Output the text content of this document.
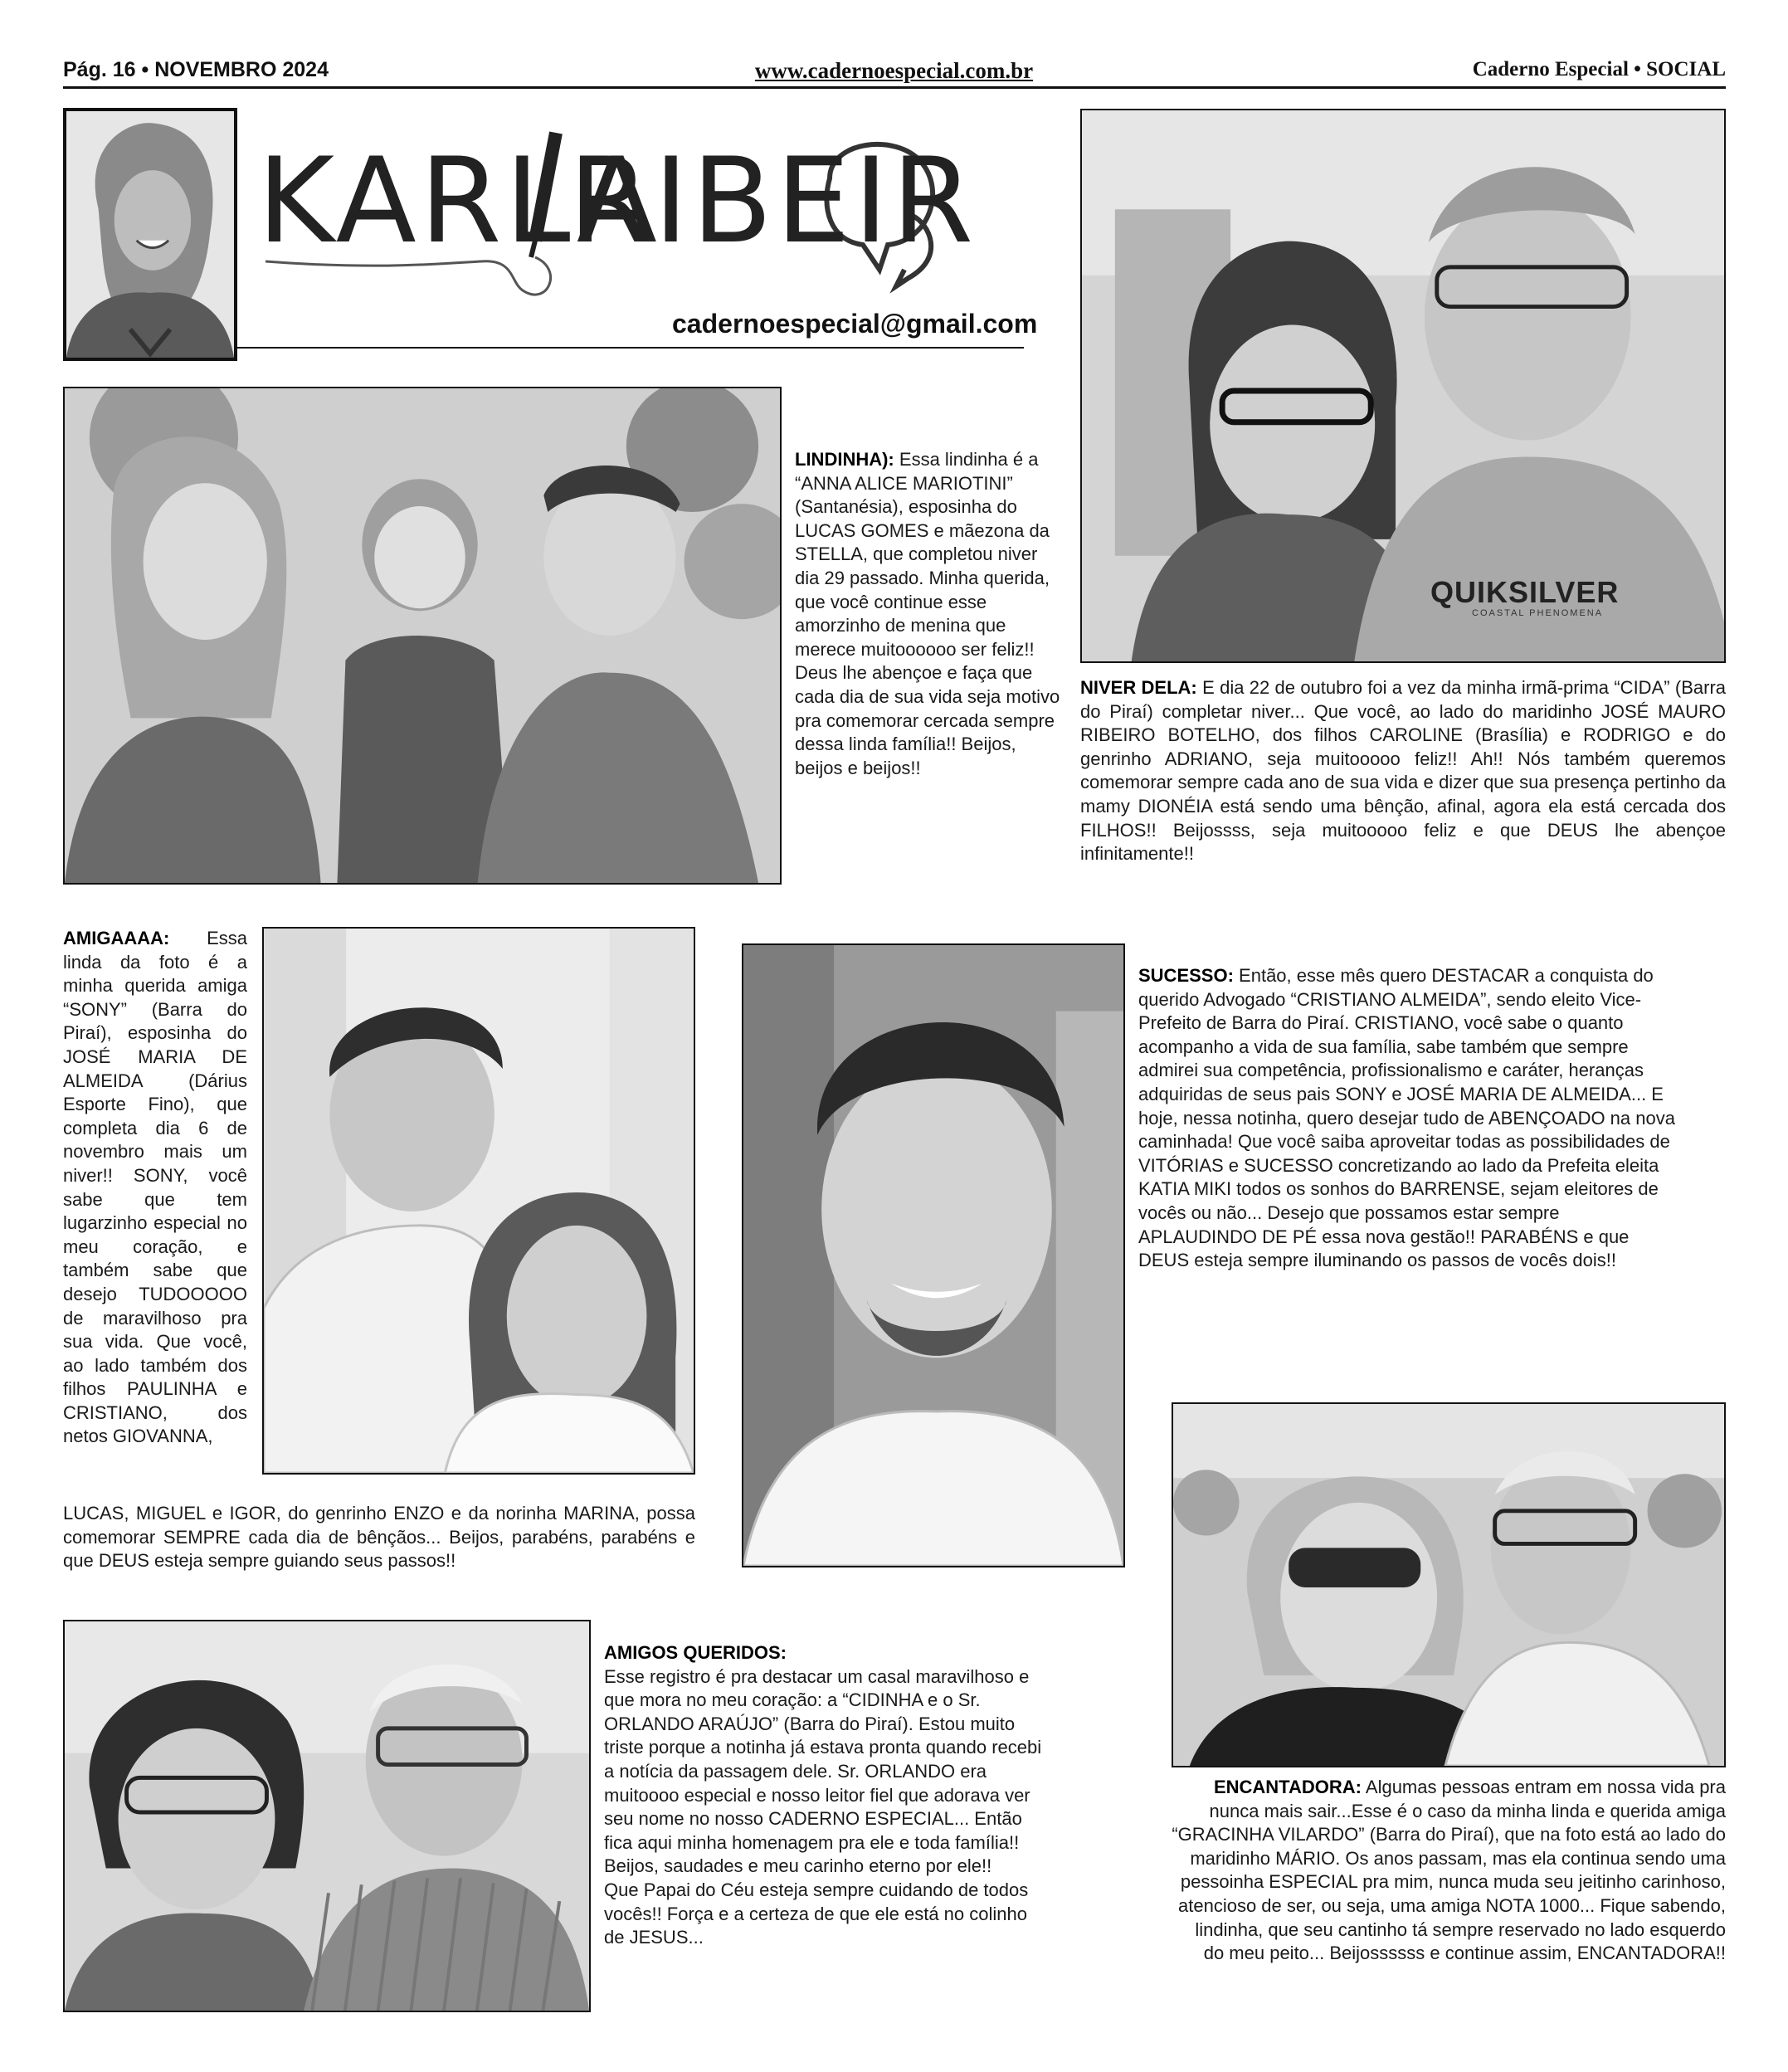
Pág. 16 • NOVEMBRO 2024	www.cadernoespecial.com.br	Caderno Especial • SOCIAL
KARLA
RIBEIR
cadernoespecial@gmail.com
LINDINHA): Essa lindinha é a “ANNA ALICE MARIOTINI” (Santanésia), esposinha do LUCAS GOMES e mãezona da STELLA, que completou niver dia 29 passado. Minha querida, que você continue esse amorzinho de menina que merece muitoooooo ser feliz!! Deus lhe abençoe e faça que cada dia de sua vida seja motivo pra comemorar cercada sempre dessa linda família!! Beijos, beijos e beijos!!
QUIKSILVER
COASTAL PHENOMENA
NIVER DELA: E dia 22 de outubro foi a vez da minha irmã-prima “CIDA” (Barra do Piraí) completar niver... Que você, ao lado do maridinho JOSÉ MAURO RIBEIRO BOTELHO, dos filhos CAROLINE (Brasília) e RODRIGO e do genrinho ADRIANO, seja muitooooo feliz!! Ah!! Nós também queremos comemorar sempre cada ano de sua vida e dizer que sua presença pertinho da mamy DIONÉIA está sendo uma bênção, afinal, agora ela está cercada dos FILHOS!! Beijossss, seja muitooooo feliz e que DEUS lhe abençoe infinitamente!!
AMIGAAAA: Essa linda da foto é a minha querida amiga “SONY” (Barra do Piraí), esposinha do JOSÉ MARIA DE ALMEIDA (Dárius Esporte Fino), que completa dia 6 de novembro mais um niver!! SONY, você sabe que tem lugarzinho especial no meu coração, e também sabe que desejo TUDOOOOO de maravilhoso pra sua vida. Que você, ao lado também dos filhos PAULINHA e CRISTIANO, dos netos GIOVANNA,
LUCAS, MIGUEL e IGOR, do genrinho ENZO e da norinha MARINA, possa comemorar SEMPRE cada dia de bênçãos... Beijos, parabéns, parabéns e que DEUS esteja sempre guiando seus passos!!
SUCESSO: Então, esse mês quero DESTACAR a conquista do querido Advogado “CRISTIANO ALMEIDA”, sendo eleito Vice-Prefeito de Barra do Piraí. CRISTIANO, você sabe o quanto acompanho a vida de sua família, sabe também que sempre admirei sua competência, profissionalismo e caráter, heranças adquiridas de seus pais SONY e JOSÉ MARIA DE ALMEIDA... E hoje, nessa notinha, quero desejar tudo de ABENÇOADO na nova caminhada! Que você saiba aproveitar todas as possibilidades de VITÓRIAS e SUCESSO concretizando ao lado da Prefeita eleita KATIA MIKI todos os sonhos do BARRENSE, sejam eleitores de vocês ou não... Desejo que possamos estar sempre APLAUDINDO DE PÉ essa nova gestão!! PARABÉNS e que DEUS esteja sempre iluminando os passos de vocês dois!!
ENCANTADORA: Algumas pessoas entram em nossa vida pra nunca mais sair...Esse é o caso da minha linda e querida amiga “GRACINHA VILARDO” (Barra do Piraí), que na foto está ao lado do maridinho MÁRIO. Os anos passam, mas ela continua sendo uma pessoinha ESPECIAL pra mim, nunca muda seu jeitinho carinhoso, atencioso de ser, ou seja, uma amiga NOTA 1000... Fique sabendo, lindinha, que seu cantinho tá sempre reservado no lado esquerdo do meu peito... Beijossssss e continue assim, ENCANTADORA!!

AMIGOS QUERIDOS:

Esse registro é pra destacar um casal maravilhoso e que mora no meu coração: a “CIDINHA e o Sr. ORLANDO ARAÚJO” (Barra do Piraí). Estou muito triste porque a notinha já estava pronta quando recebi a notícia da passagem dele. Sr. ORLANDO era muitoooo especial e nosso leitor fiel que adorava ver seu nome no nosso CADERNO ESPECIAL... Então fica aqui minha homenagem pra ele e toda família!!

Beijos, saudades e meu carinho eterno por ele!!

Que Papai do Céu esteja sempre cuidando de todos vocês!! Força e a certeza de que ele está no colinho de JESUS...
